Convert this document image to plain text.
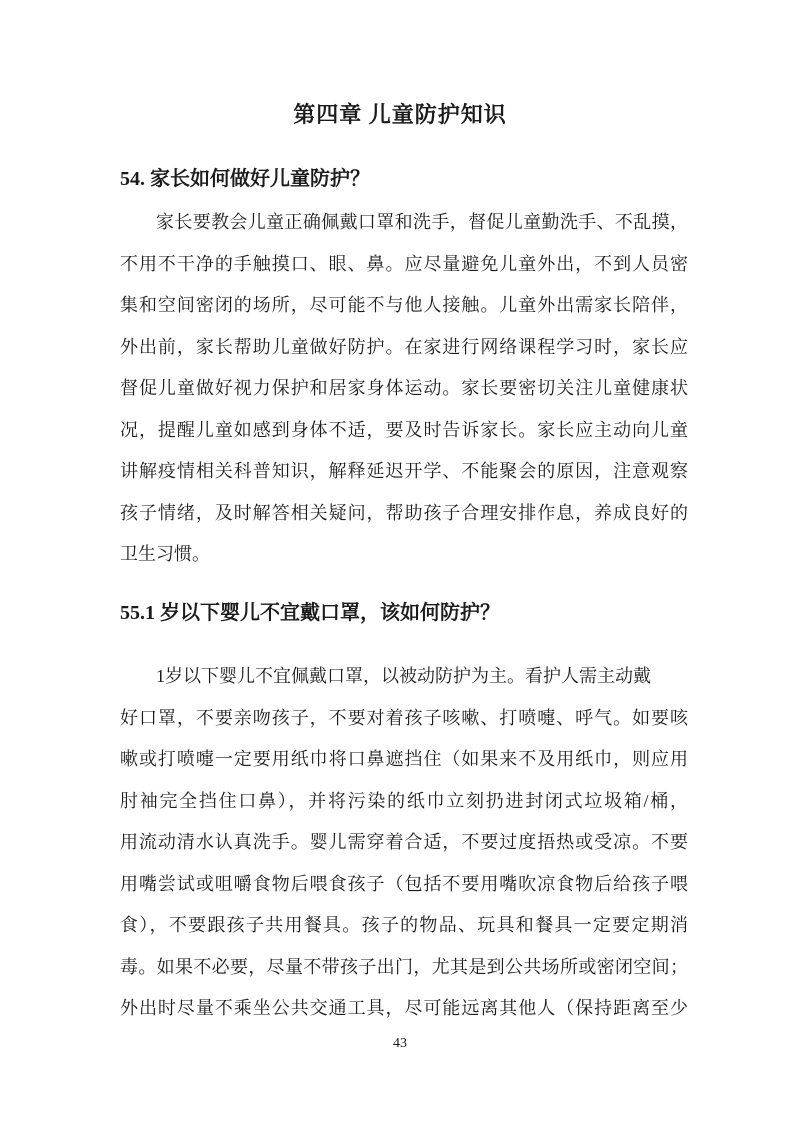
第四章 儿童防护知识
54. 家长如何做好儿童防护？
家长要教会儿童正确佩戴口罩和洗手，督促儿童勤洗手、不乱摸，
不用不干净的手触摸口、眼、鼻。应尽量避免儿童外出，不到人员密
集和空间密闭的场所，尽可能不与他人接触。儿童外出需家长陪伴，
外出前，家长帮助儿童做好防护。在家进行网络课程学习时，家长应
督促儿童做好视力保护和居家身体运动。家长要密切关注儿童健康状
况，提醒儿童如感到身体不适，要及时告诉家长。家长应主动向儿童
讲解疫情相关科普知识，解释延迟开学、不能聚会的原因，注意观察
孩子情绪，及时解答相关疑问，帮助孩子合理安排作息，养成良好的
卫生习惯。
55.1 岁以下婴儿不宜戴口罩，该如何防护？
1岁以下婴儿不宜佩戴口罩，以被动防护为主。看护人需主动戴
好口罩，不要亲吻孩子，不要对着孩子咳嗽、打喷嚏、呼气。如要咳
嗽或打喷嚏一定要用纸巾将口鼻遮挡住（如果来不及用纸巾，则应用
肘袖完全挡住口鼻），并将污染的纸巾立刻扔进封闭式垃圾箱/桶，
用流动清水认真洗手。婴儿需穿着合适，不要过度捂热或受凉。不要
用嘴尝试或咀嚼食物后喂食孩子（包括不要用嘴吹凉食物后给孩子喂
食），不要跟孩子共用餐具。孩子的物品、玩具和餐具一定要定期消
毒。如果不必要，尽量不带孩子出门，尤其是到公共场所或密闭空间；
外出时尽量不乘坐公共交通工具，尽可能远离其他人（保持距离至少
43
